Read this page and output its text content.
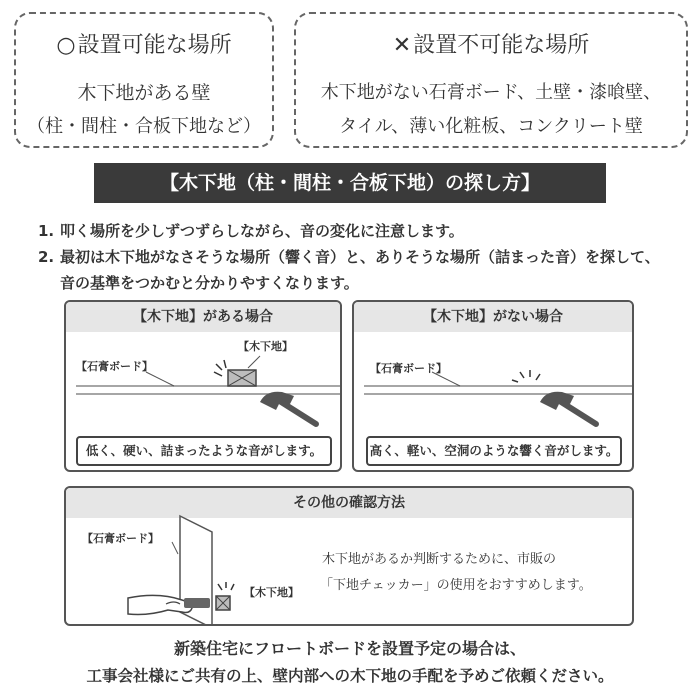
○設置可能な場所
木下地がある壁
（柱・間柱・合板下地など）
✕設置不可能な場所
木下地がない石膏ボード、土壁・漆喰壁、
タイル、薄い化粧板、コンクリート壁
【木下地（柱・間柱・合板下地）の探し方】
1. 叩く場所を少しずつずらしながら、音の変化に注意します。
2. 最初は木下地がなさそうな場所（響く音）と、ありそうな場所（詰まった音）を探して、
音の基準をつかむと分かりやすくなります。
【木下地】がある場合
【石膏ボード】
【木下地】
低く、硬い、詰まったような音がします。
【木下地】がない場合
【石膏ボード】
高く、軽い、空洞のような響く音がします。
その他の確認方法
【石膏ボード】
【木下地】
木下地があるか判断するために、市販の
「下地チェッカー」の使用をおすすめします。
新築住宅にフロートボードを設置予定の場合は、
工事会社様にご共有の上、壁内部への木下地の手配を予めご依頼ください。
